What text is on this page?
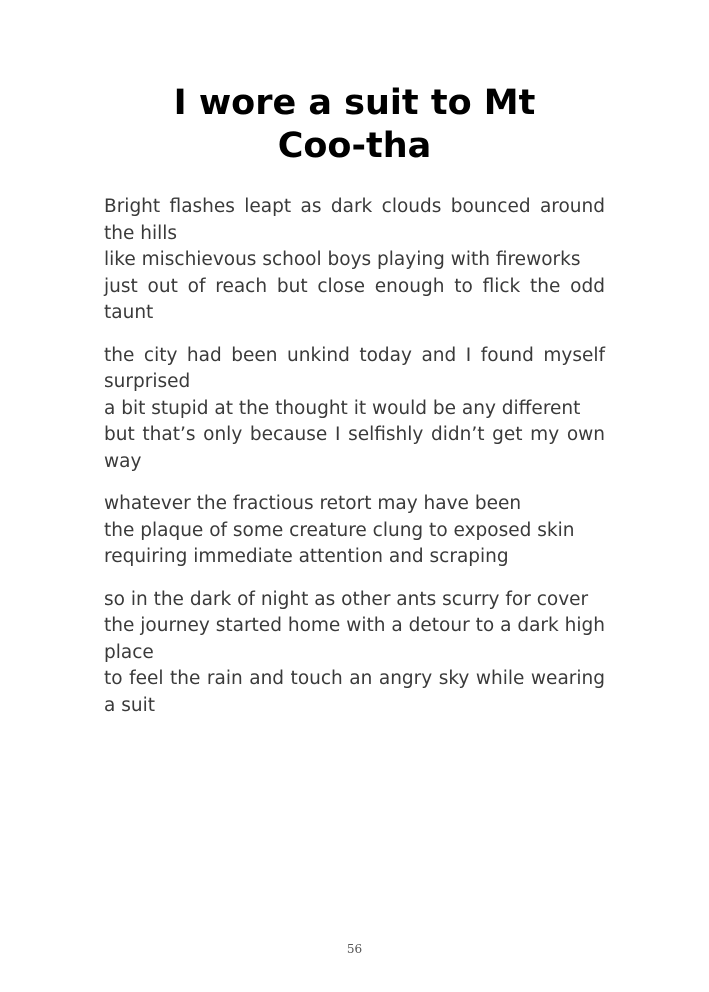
I wore a suit to Mt
Coo-tha

Bright flashes leapt as dark clouds bounced around the hills

like mischievous school boys playing with fireworks

just out of reach but close enough to flick the odd taunt

the city had been unkind today and I found myself surprised

a bit stupid at the thought it would be any different

but that’s only because I selfishly didn’t get my own way

whatever the fractious retort may have been

the plaque of some creature clung to exposed skin

requiring immediate attention and scraping

so in the dark of night as other ants scurry for cover

the journey started home with a detour to a dark high place

to feel the rain and touch an angry sky while wearing a suit

56
